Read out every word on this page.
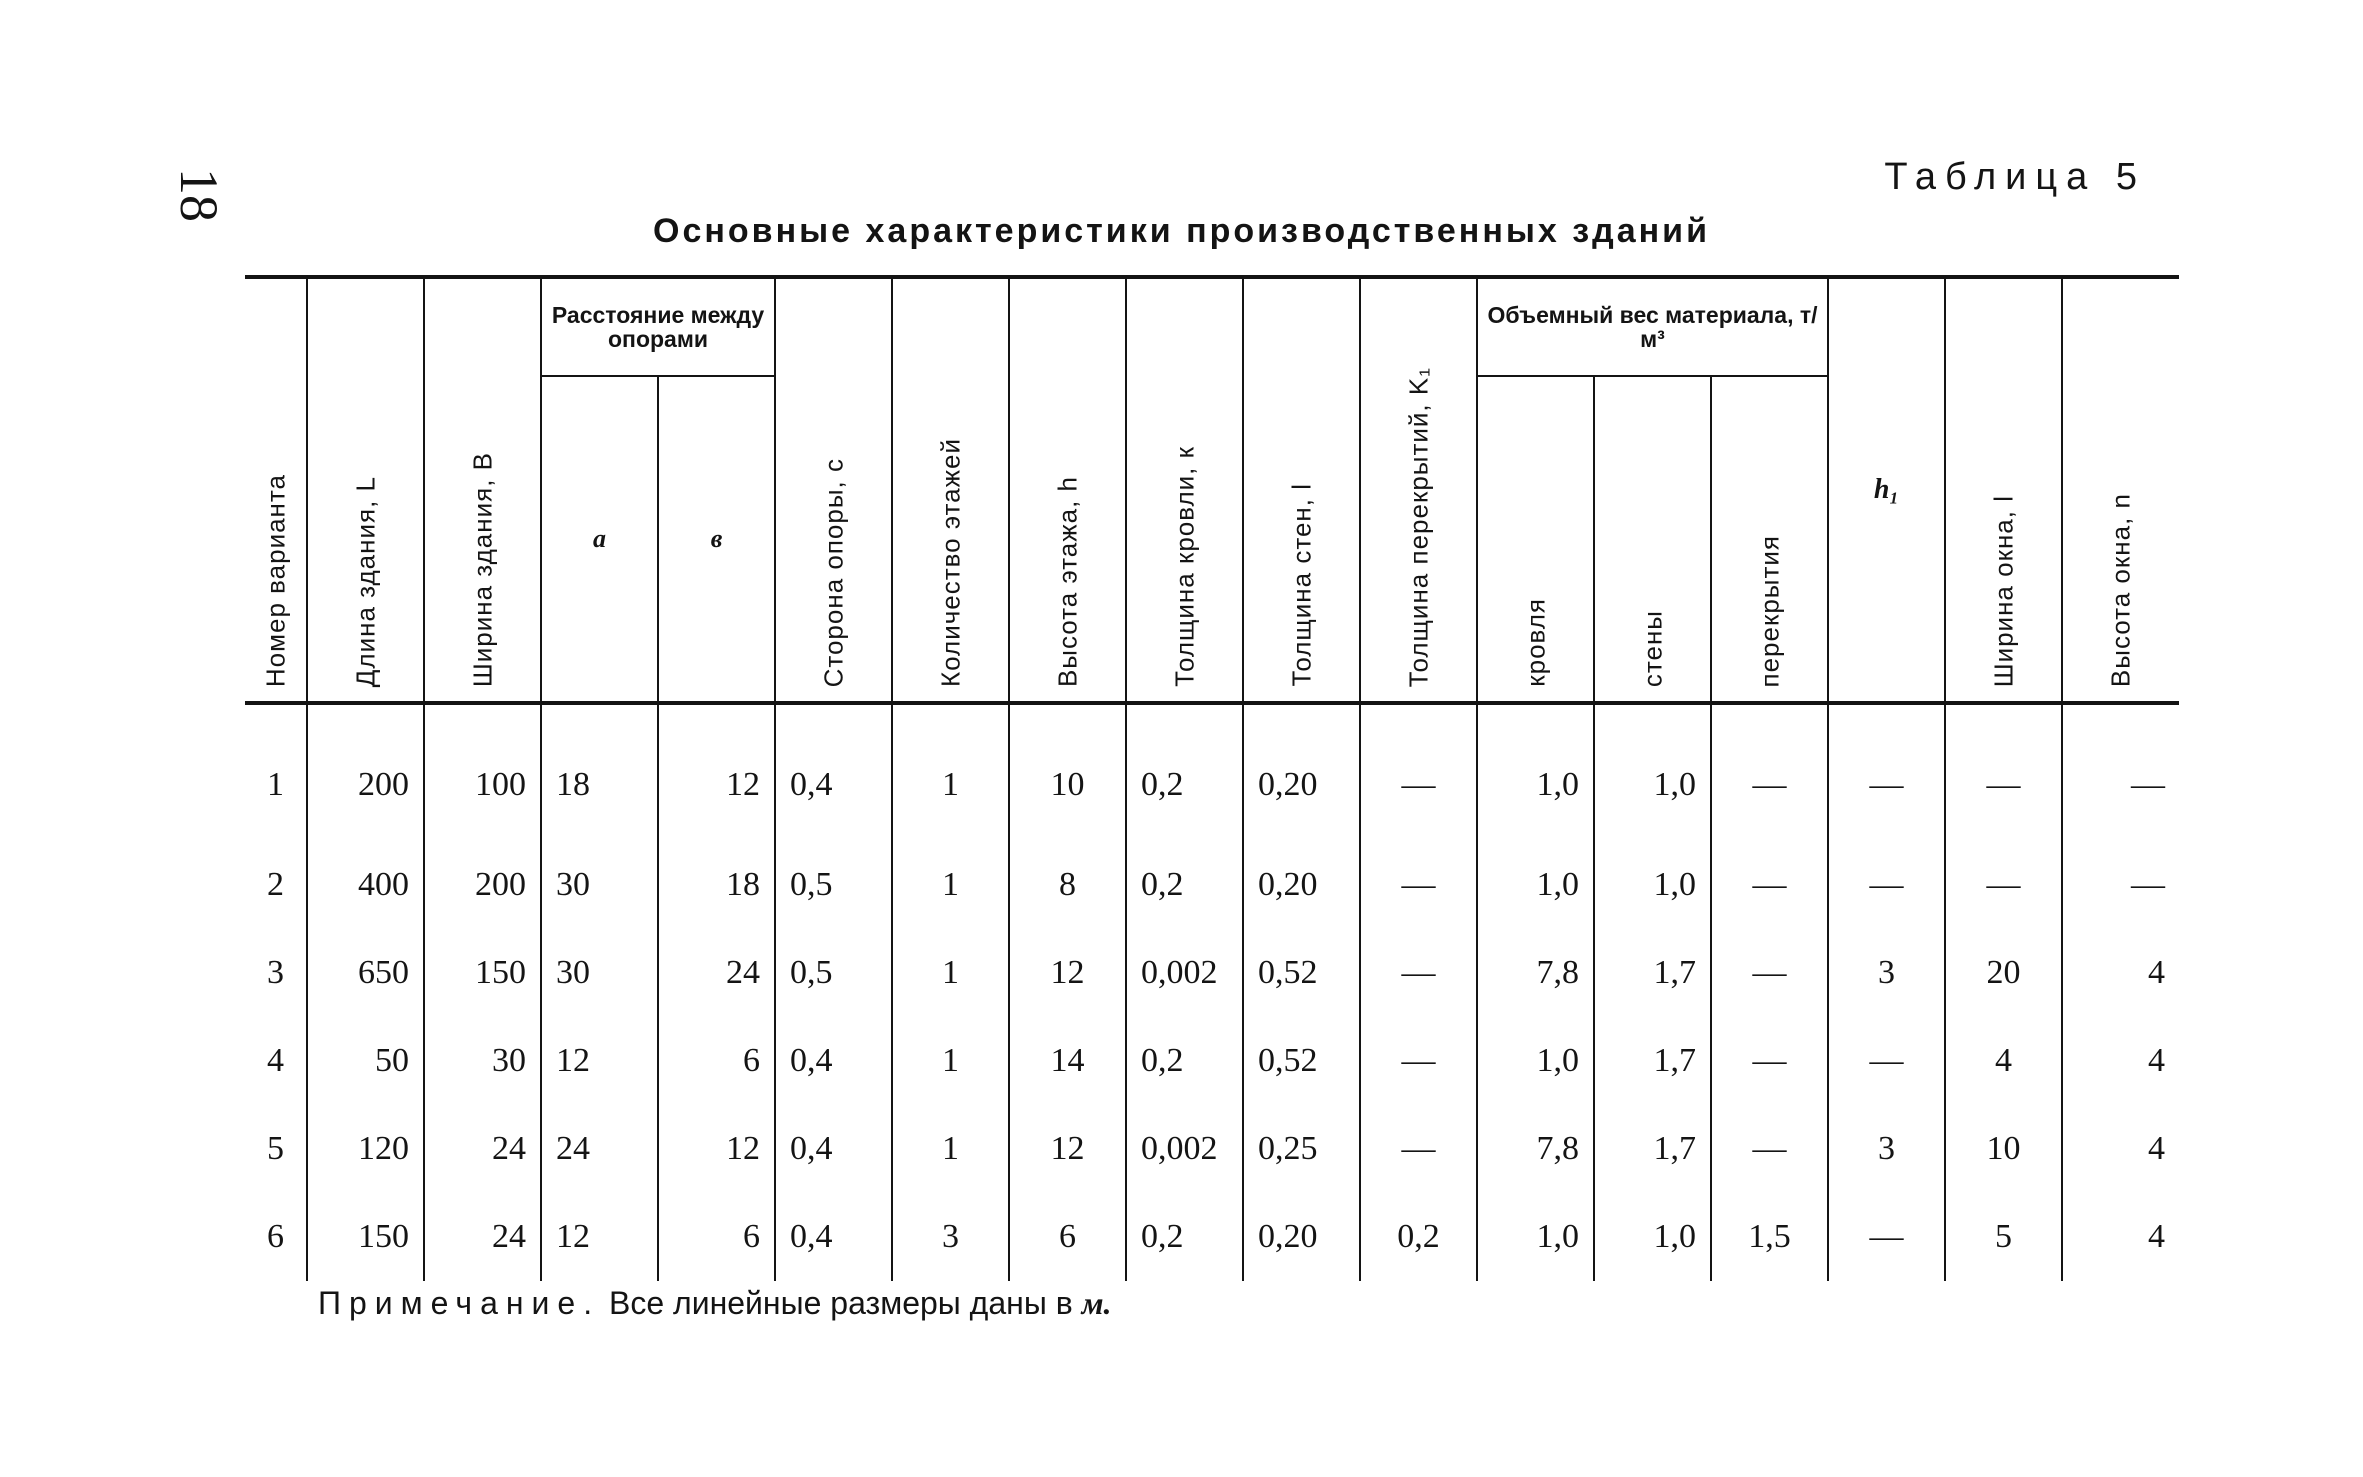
18	Таблица 5
Основные характеристики производственных зданий
Номер варианта	Длина здания, L	Ширина здания, B	Расстояние между опорами		Сторона опоры, c	Количество этажей	Высота этажа, h	Толщина кровли, к	Толщина стен, l	Толщина перекрытий, K₁	Объемный вес материала, т/м³			h₁	Ширина окна, l	Высота окна, n

			a	в							кровля	стены	перекрытия			

1	200	100	18	12	0,4	1	10	0,2	0,20	—	1,0	1,0	—	—	—	—
2	400	200	30	18	0,5	1	8	0,2	0,20	—	1,0	1,0	—	—	—	—
3	650	150	30	24	0,5	1	12	0,002	0,52	—	7,8	1,7	—	3	20	4
4	50	30	12	6	0,4	1	14	0,2	0,52	—	1,0	1,7	—	—	4	4
5	120	24	24	12	0,4	1	12	0,002	0,25	—	7,8	1,7	—	3	10	4
6	150	24	12	6	0,4	3	6	0,2	0,20	0,2	1,0	1,0	1,5	—	5	4
Примечание. Все линейные размеры даны в м.
